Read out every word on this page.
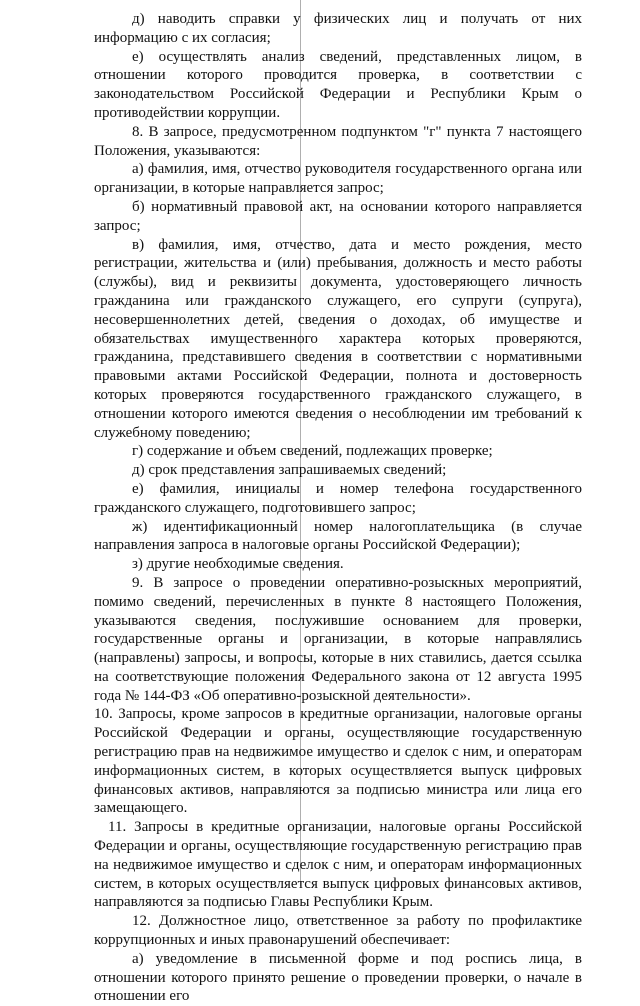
д) наводить справки у физических лиц и получать от них информацию с их согласия;

е) осуществлять анализ сведений, представленных лицом, в отношении которого проводится проверка, в соответствии с законодательством Российской Федерации и Республики Крым о противодействии коррупции.

8. В запросе, предусмотренном подпунктом "г" пункта 7 настоящего Положения, указываются:

а) фамилия, имя, отчество руководителя государственного органа или организации, в которые направляется запрос;

б) нормативный правовой акт, на основании которого направляется запрос;

в) фамилия, имя, отчество, дата и место рождения, место регистрации, жительства и (или) пребывания, должность и место работы (службы), вид и реквизиты документа, удостоверяющего личность гражданина или гражданского служащего, его супруги (супруга), несовершеннолетних детей, сведения о доходах, об имуществе и обязательствах имущественного характера которых проверяются, гражданина, представившего сведения в соответствии с нормативными правовыми актами Российской Федерации, полнота и достоверность которых проверяются государственного гражданского служащего, в отношении которого имеются сведения о несоблюдении им требований к служебному поведению;

г) содержание и объем сведений, подлежащих проверке;

д) срок представления запрашиваемых сведений;

е) фамилия, инициалы и номер телефона государственного гражданского служащего, подготовившего запрос;

ж) идентификационный номер налогоплательщика (в случае направления запроса в налоговые органы Российской Федерации);

з) другие необходимые сведения.

9. В запросе о проведении оперативно-розыскных мероприятий, помимо сведений, перечисленных в пункте 8 настоящего Положения, указываются сведения, послужившие основанием для проверки, государственные органы и организации, в которые направлялись (направлены) запросы, и вопросы, которые в них ставились, дается ссылка на соответствующие положения Федерального закона от 12 августа 1995 года № 144-ФЗ «Об оперативно-розыскной деятельности».

10. Запросы, кроме запросов в кредитные организации, налоговые органы Российской Федерации и органы, осуществляющие государственную регистрацию прав на недвижимое имущество и сделок с ним, и операторам информационных систем, в которых осуществляется выпуск цифровых финансовых активов, направляются за подписью министра или лица его замещающего.

11. Запросы в кредитные организации, налоговые органы Российской Федерации и органы, осуществляющие государственную регистрацию прав на недвижимое имущество и сделок с ним, и операторам информационных систем, в которых осуществляется выпуск цифровых финансовых активов, направляются за подписью Главы Республики Крым.

12. Должностное лицо, ответственное за работу по профилактике коррупционных и иных правонарушений обеспечивает:

а) уведомление в письменной форме и под роспись лица, в отношении которого принято решение о проведении проверки, о начале в отношении его
